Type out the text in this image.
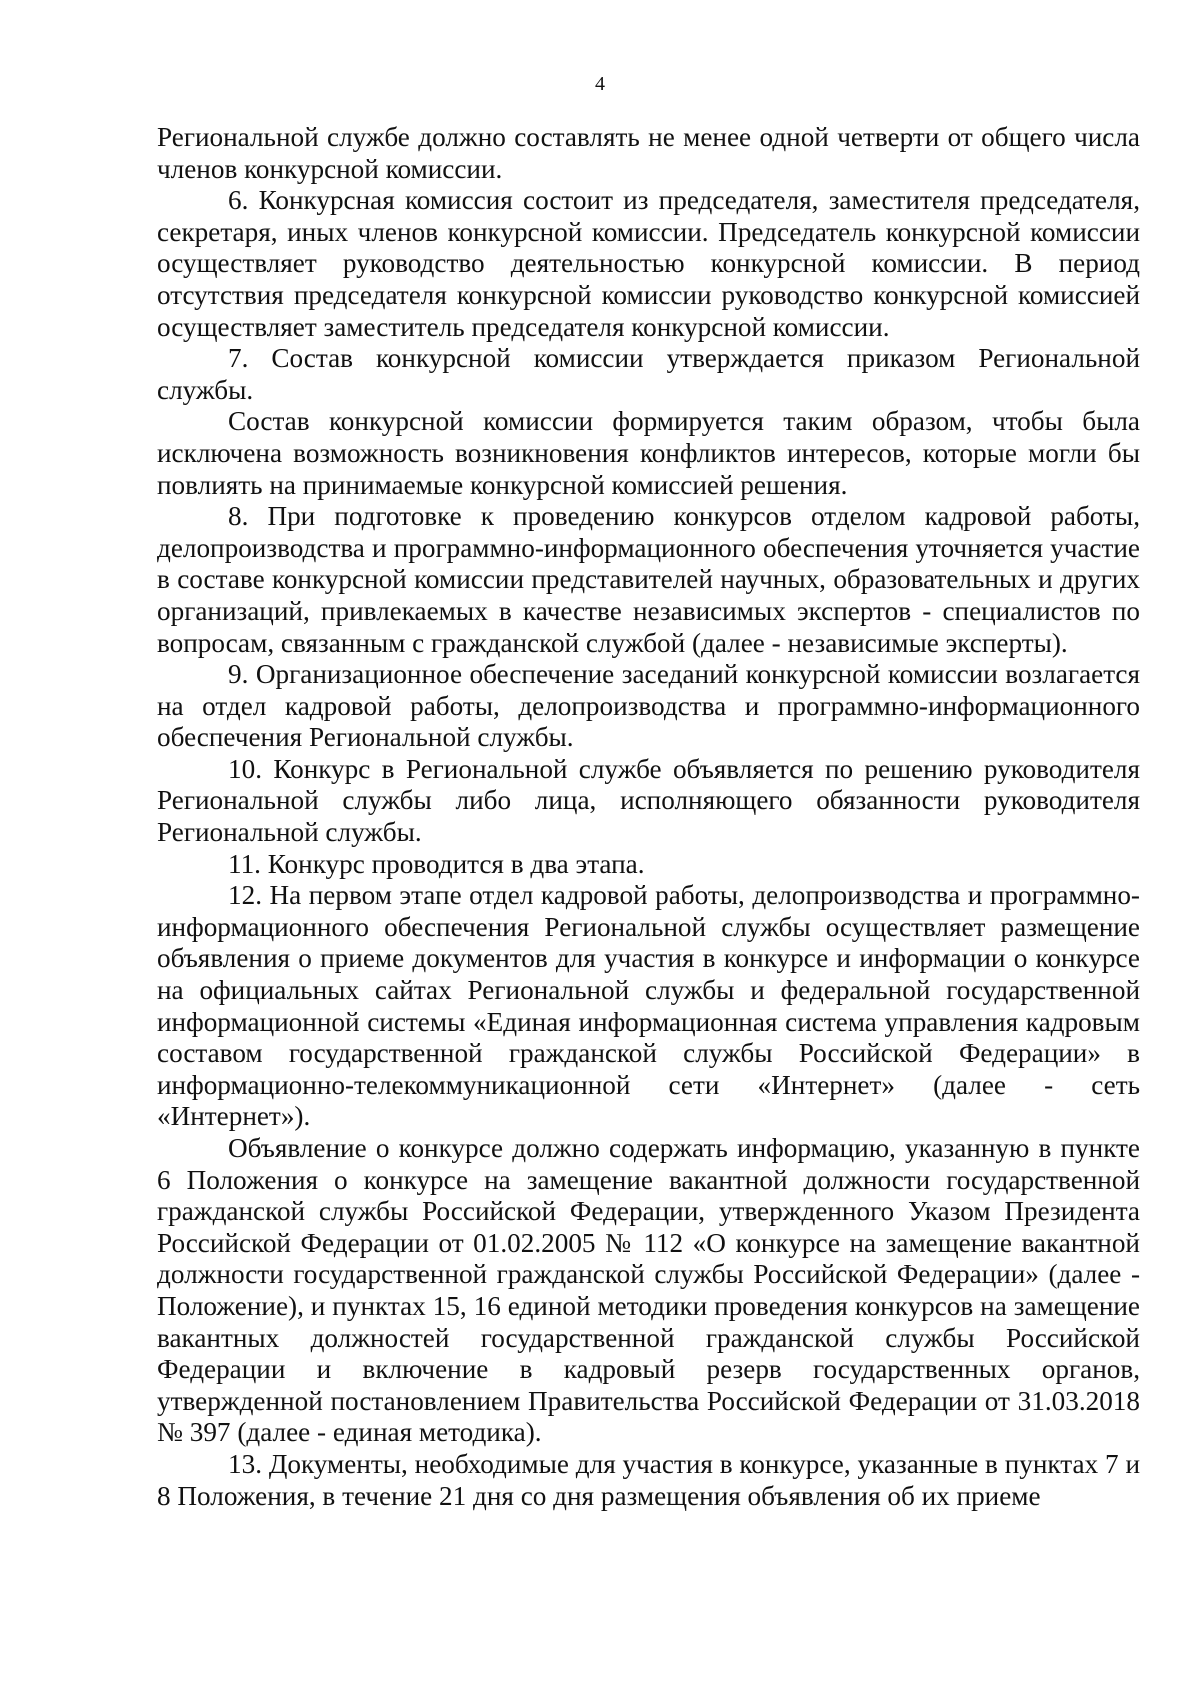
4

Региональной службе должно составлять не менее одной четверти от общего числа членов конкурсной комиссии.

6. Конкурсная комиссия состоит из председателя, заместителя председателя, секретаря, иных членов конкурсной комиссии. Председатель конкурсной комиссии осуществляет руководство деятельностью конкурсной комиссии. В период отсутствия председателя конкурсной комиссии руководство конкурсной комиссией осуществляет заместитель председателя конкурсной комиссии.

7. Состав конкурсной комиссии утверждается приказом Региональной службы.

Состав конкурсной комиссии формируется таким образом, чтобы была исключена возможность возникновения конфликтов интересов, которые могли бы повлиять на принимаемые конкурсной комиссией решения.

8. При подготовке к проведению конкурсов отделом кадровой работы, делопроизводства и программно-информационного обеспечения уточняется участие в составе конкурсной комиссии представителей научных, образовательных и других организаций, привлекаемых в качестве независимых экспертов - специалистов по вопросам, связанным с гражданской службой (далее - независимые эксперты).

9. Организационное обеспечение заседаний конкурсной комиссии возлагается на отдел кадровой работы, делопроизводства и программно-информационного обеспечения Региональной службы.

10. Конкурс в Региональной службе объявляется по решению руководителя Региональной службы либо лица, исполняющего обязанности руководителя Региональной службы.

11. Конкурс проводится в два этапа.

12. На первом этапе отдел кадровой работы, делопроизводства и программно-информационного обеспечения Региональной службы осуществляет размещение объявления о приеме документов для участия в конкурсе и информации о конкурсе на официальных сайтах Региональной службы и федеральной государственной информационной системы «Единая информационная система управления кадровым составом государственной гражданской службы Российской Федерации» в информационно-телекоммуникационной сети «Интернет» (далее - сеть «Интернет»).

Объявление о конкурсе должно содержать информацию, указанную в пункте 6 Положения о конкурсе на замещение вакантной должности государственной гражданской службы Российской Федерации, утвержденного Указом Президента Российской Федерации от 01.02.2005 № 112 «О конкурсе на замещение вакантной должности государственной гражданской службы Российской Федерации» (далее - Положение), и пунктах 15, 16 единой методики проведения конкурсов на замещение вакантных должностей государственной гражданской службы Российской Федерации и включение в кадровый резерв государственных органов, утвержденной постановлением Правительства Российской Федерации от 31.03.2018 № 397 (далее - единая методика).

13. Документы, необходимые для участия в конкурсе, указанные в пунктах 7 и 8 Положения, в течение 21 дня со дня размещения объявления об их приеме
